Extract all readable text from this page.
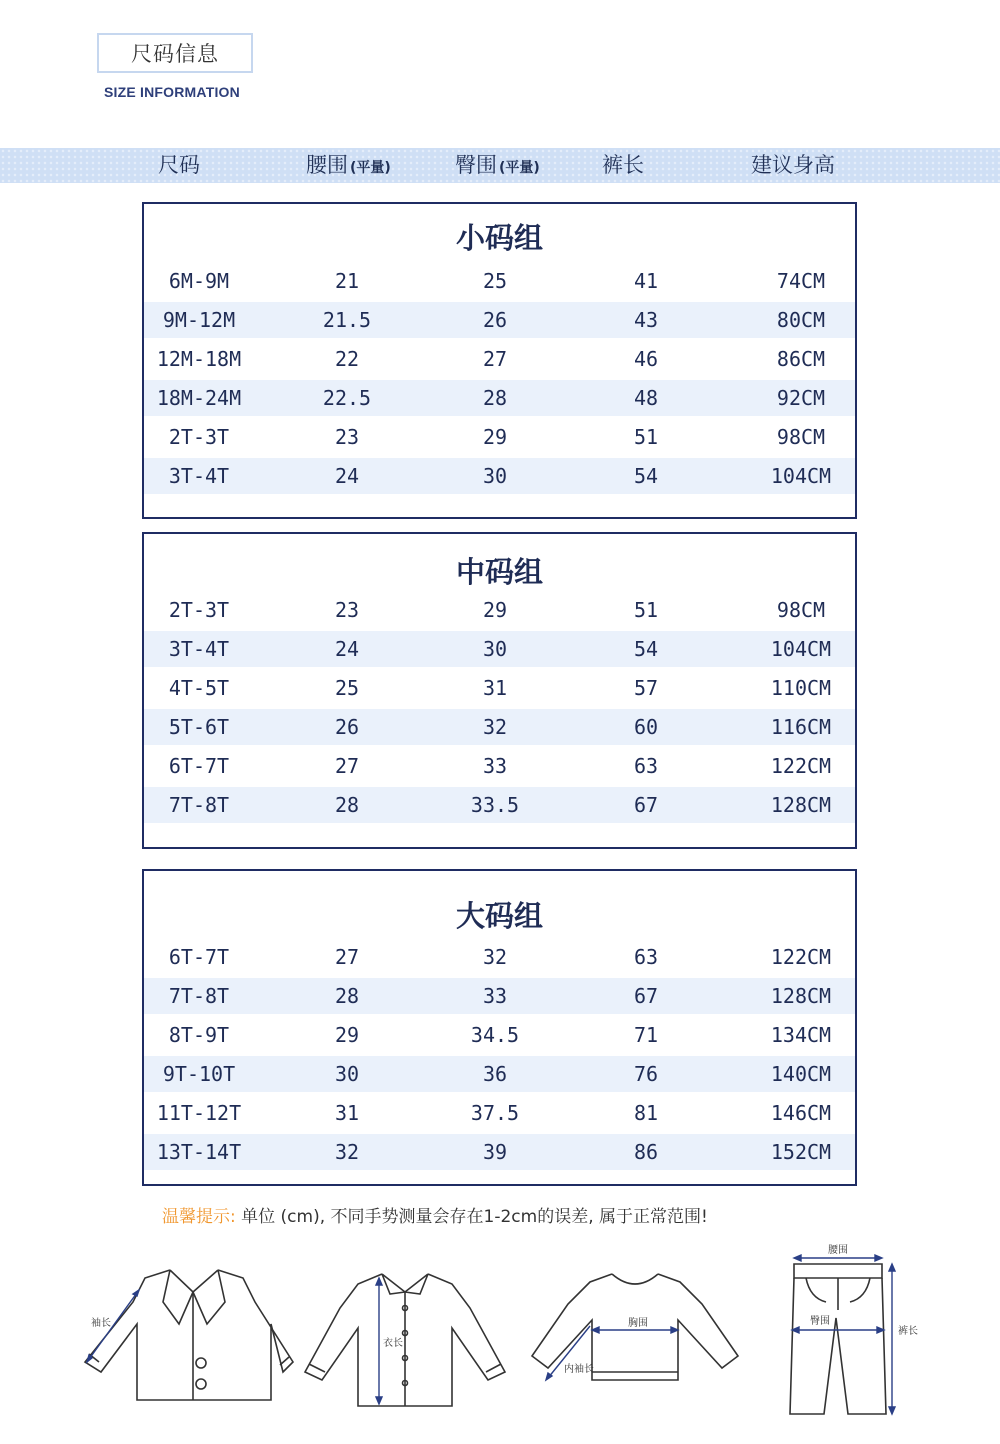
尺码信息
SIZE INFORMATION
尺码	腰围 (平量)	臀围 (平量)	裤长	建议身高
小码组
6M-9M	21	25	41	74CM
9M-12M	21.5	26	43	80CM
12M-18M	22	27	46	86CM
18M-24M	22.5	28	48	92CM
2T-3T	23	29	51	98CM
3T-4T	24	30	54	104CM
中码组
2T-3T	23	29	51	98CM
3T-4T	24	30	54	104CM
4T-5T	25	31	57	110CM
5T-6T	26	32	60	116CM
6T-7T	27	33	63	122CM
7T-8T	28	33.5	67	128CM
大码组
6T-7T	27	32	63	122CM
7T-8T	28	33	67	128CM
8T-9T	29	34.5	71	134CM
9T-10T	30	36	76	140CM
11T-12T	31	37.5	81	146CM
13T-14T	32	39	86	152CM
温馨提示: 单位 (cm), 不同手势测量会存在1-2cm的误差, 属于正常范围!
袖长
衣长
胸围
内袖长
腰围
臀围
裤长
